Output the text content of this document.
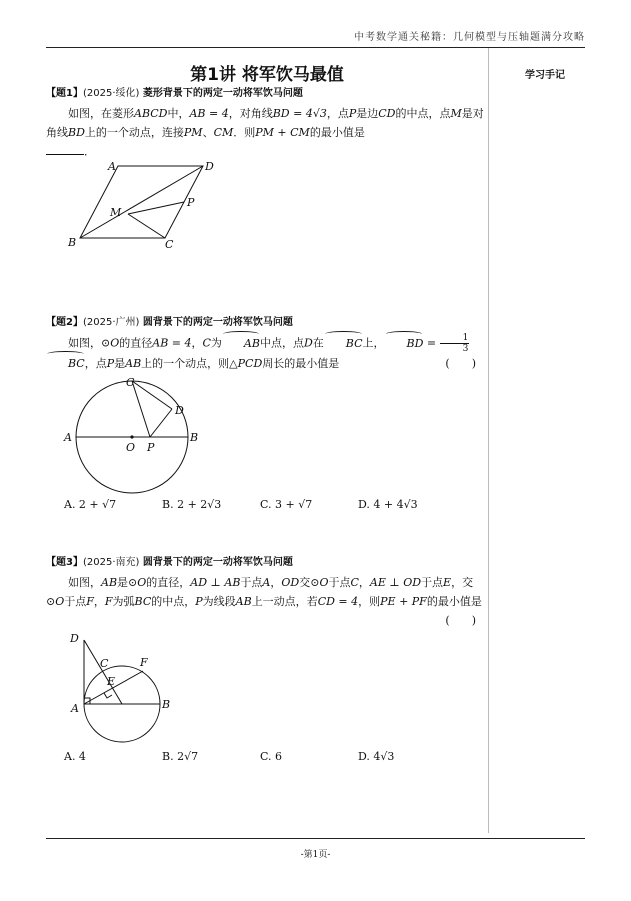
中考数学通关秘籍：几何模型与压轴题满分攻略
第1讲 将军饮马最值	学习手记
【题1】(2025·绥化) 菱形背景下的两定一动将军饮马问题

如图，在菱形ABCD中，AB = 4，对角线BD = 4√3，点P是边CD的中点，点M是对角线BD上的一个动点，连接PM、CM．则PM + CM的最小值是

．
A	D
B	C
M
P
【题2】(2025·广州) 圆背景下的两定一动将军饮马问题

如图，⊙O的直径AB = 4，C为 AB中点，点D在 BC上， BD = $\frac{1}{3}$
BC，点P是AB上的一个动点，则△PCD周长的最小值是	(　　)

A	B
C
D
O P
A. 2 + √7	B. 2 + 2√3	C. 3 + √7	D. 4 + 4√3
【题3】(2025·南充) 圆背景下的两定一动将军饮马问题

如图，AB是⊙O的直径，AD ⊥ AB于点A，OD交⊙O于点C，AE ⊥ OD于点E，交⊙O于点F，F为弧BC的中点，P为线段AB上一动点，若CD = 4，则PE + PF的最小值是
(　　)

D
C	F
E
A	B
A. 4	B. 2√7	C. 6	D. 4√3
-第1页-
